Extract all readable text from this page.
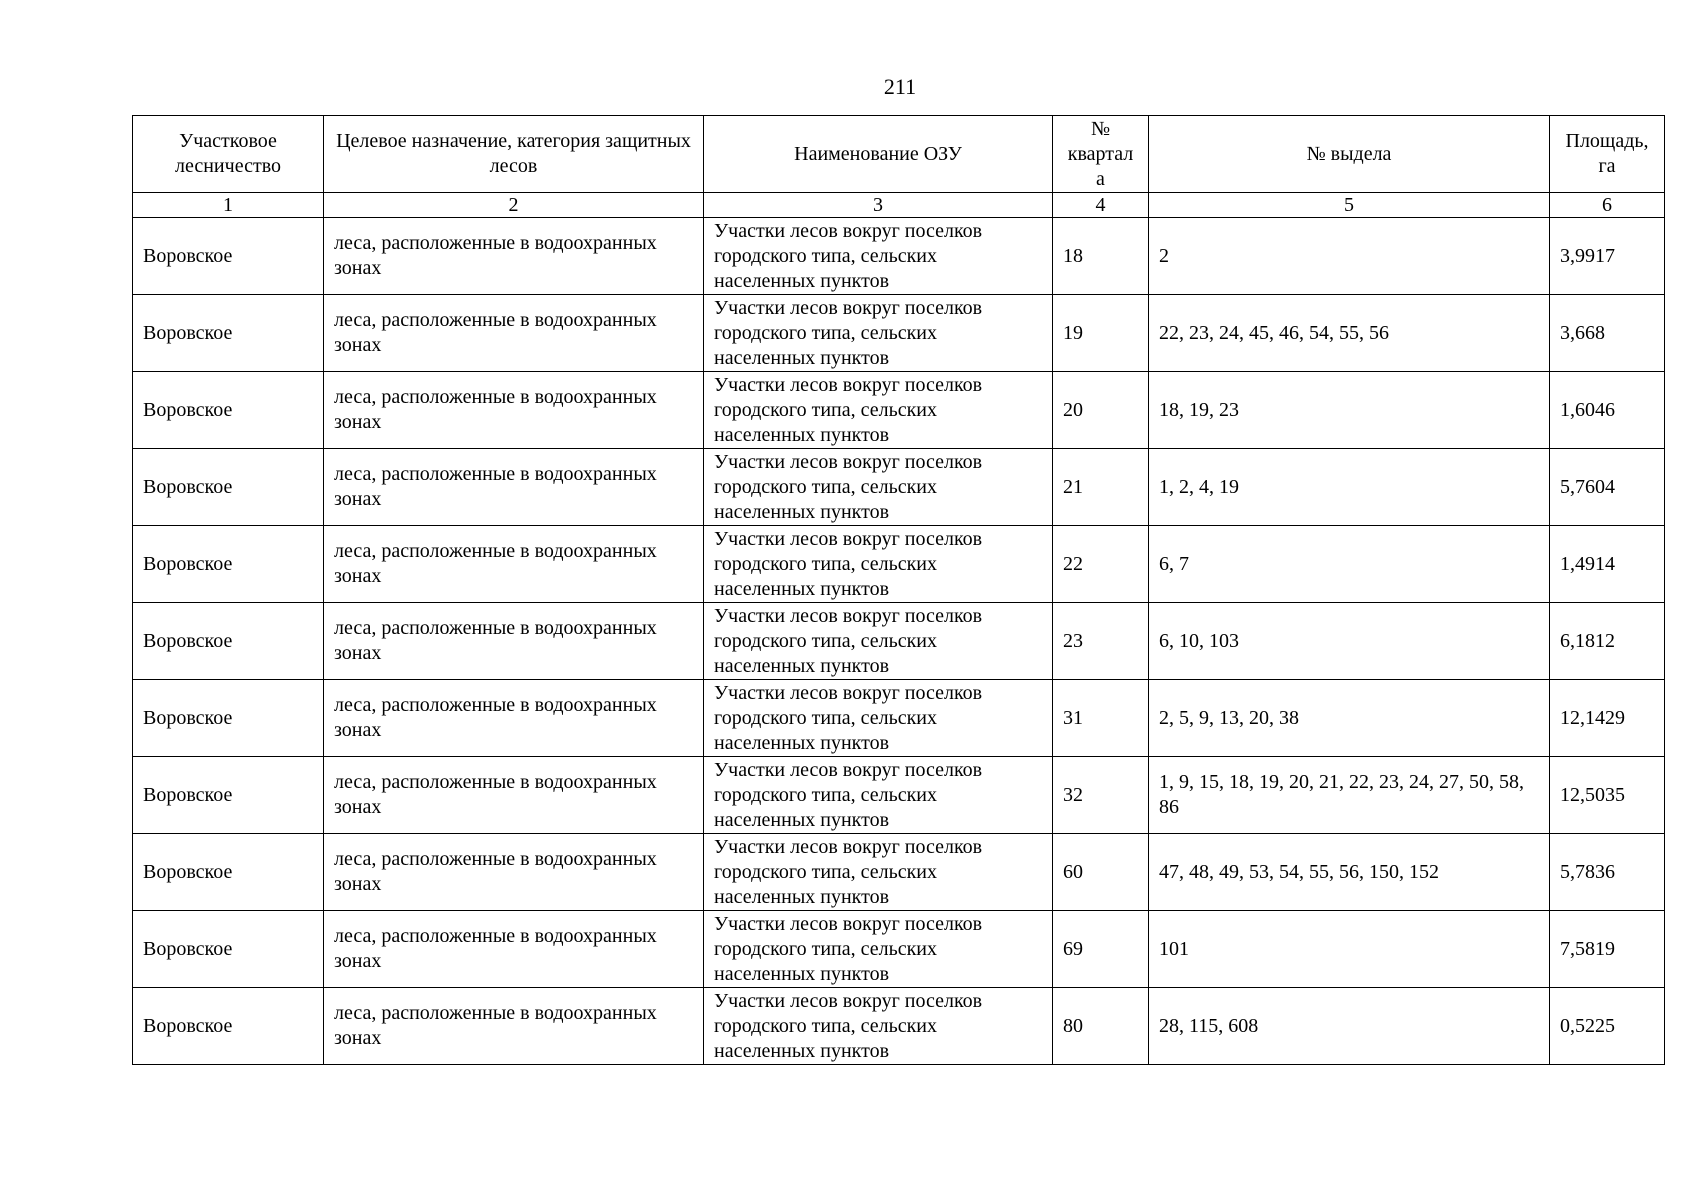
211
Участковое лесничество	Целевое назначение, категория защитных лесов	Наименование ОЗУ	№ квартал а	№ выдела	Площадь, га
1	2	3	4	5	6
Воровское	леса, расположенные в водоохранных зонах	Участки лесов вокруг поселков городского типа, сельских населенных пунктов	18	2	3,9917
Воровское	леса, расположенные в водоохранных зонах	Участки лесов вокруг поселков городского типа, сельских населенных пунктов	19	22, 23, 24, 45, 46, 54, 55, 56	3,668
Воровское	леса, расположенные в водоохранных зонах	Участки лесов вокруг поселков городского типа, сельских населенных пунктов	20	18, 19, 23	1,6046
Воровское	леса, расположенные в водоохранных зонах	Участки лесов вокруг поселков городского типа, сельских населенных пунктов	21	1, 2, 4, 19	5,7604
Воровское	леса, расположенные в водоохранных зонах	Участки лесов вокруг поселков городского типа, сельских населенных пунктов	22	6, 7	1,4914
Воровское	леса, расположенные в водоохранных зонах	Участки лесов вокруг поселков городского типа, сельских населенных пунктов	23	6, 10, 103	6,1812
Воровское	леса, расположенные в водоохранных зонах	Участки лесов вокруг поселков городского типа, сельских населенных пунктов	31	2, 5, 9, 13, 20, 38	12,1429
Воровское	леса, расположенные в водоохранных зонах	Участки лесов вокруг поселков городского типа, сельских населенных пунктов	32	1, 9, 15, 18, 19, 20, 21, 22, 23, 24, 27, 50, 58, 86	12,5035
Воровское	леса, расположенные в водоохранных зонах	Участки лесов вокруг поселков городского типа, сельских населенных пунктов	60	47, 48, 49, 53, 54, 55, 56, 150, 152	5,7836
Воровское	леса, расположенные в водоохранных зонах	Участки лесов вокруг поселков городского типа, сельских населенных пунктов	69	101	7,5819
Воровское	леса, расположенные в водоохранных зонах	Участки лесов вокруг поселков городского типа, сельских населенных пунктов	80	28, 115, 608	0,5225
